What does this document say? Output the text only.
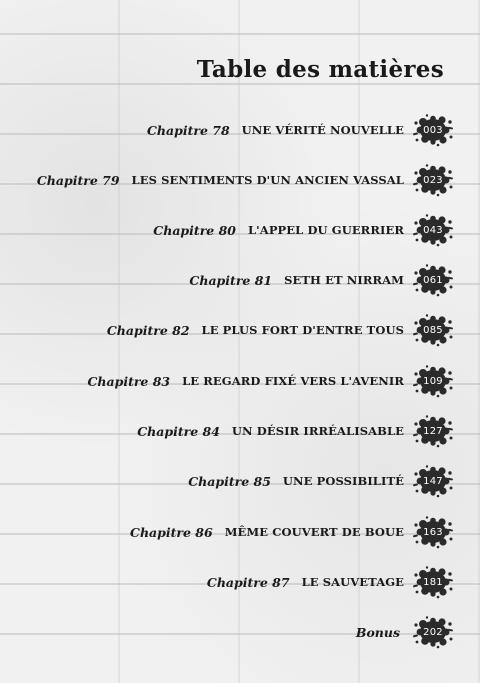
Table des matières
Chapitre 78 UNE VÉRITÉ NOUVELLE 003
Chapitre 79 LES SENTIMENTS D'UN ANCIEN VASSAL 023
Chapitre 80 L'APPEL DU GUERRIER 043
Chapitre 81 SETH ET NIRRAM 061
Chapitre 82 LE PLUS FORT D'ENTRE TOUS 085
Chapitre 83 LE REGARD FIXÉ VERS L'AVENIR 109
Chapitre 84 UN DÉSIR IRRÉALISABLE 127
Chapitre 85 UNE POSSIBILITÉ 147
Chapitre 86 MÊME COUVERT DE BOUE 163
Chapitre 87 LE SAUVETAGE 181
Bonus 202
